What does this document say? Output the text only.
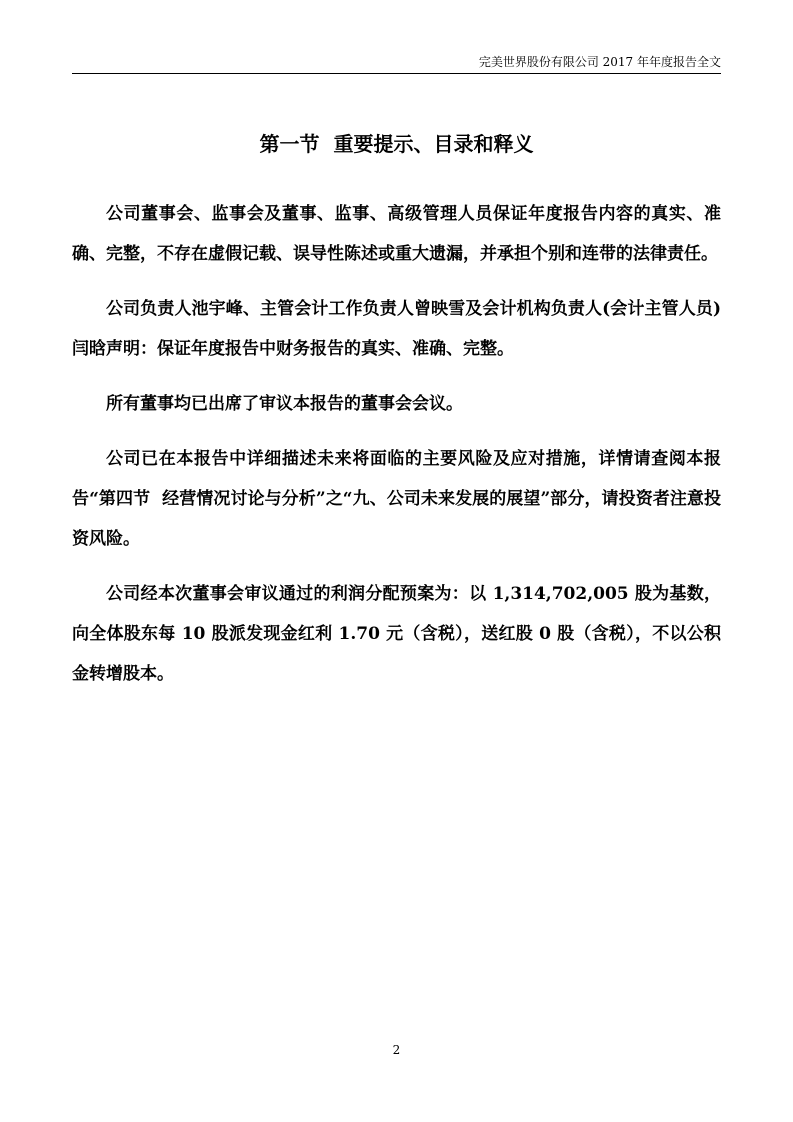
完美世界股份有限公司 2017 年年度报告全文
第一节  重要提示、目录和释义

公司董事会、监事会及董事、监事、高级管理人员保证年度报告内容的真实、准确、完整，不存在虚假记载、误导性陈述或重大遗漏，并承担个别和连带的法律责任。

公司负责人池宇峰、主管会计工作负责人曾映雪及会计机构负责人(会计主管人员)闫晗声明：保证年度报告中财务报告的真实、准确、完整。

所有董事均已出席了审议本报告的董事会会议。

公司已在本报告中详细描述未来将面临的主要风险及应对措施，详情请查阅本报告“第四节  经营情况讨论与分析”之“九、公司未来发展的展望”部分，请投资者注意投资风险。

公司经本次董事会审议通过的利润分配预案为：以 1,314,702,005 股为基数，向全体股东每 10 股派发现金红利 1.70 元（含税），送红股 0 股（含税），不以公积金转增股本。

2
